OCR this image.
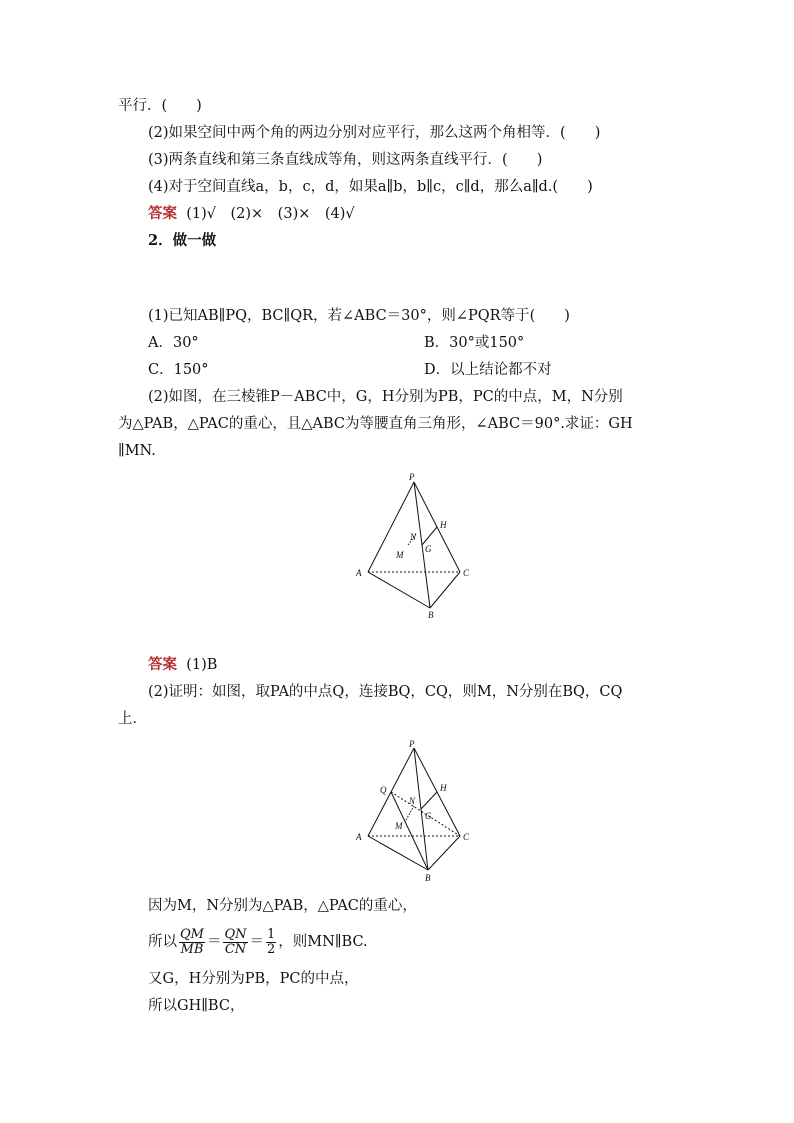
平行．(　　)
(2)如果空间中两个角的两边分别对应平行，那么这两个角相等．(　　)
(3)两条直线和第三条直线成等角，则这两条直线平行．(　　)
(4)对于空间直线a，b，c，d，如果a∥b，b∥c，c∥d，那么a∥d.(　　)
答案 (1)√　(2)×　(3)×　(4)√
2．做一做
(1)已知AB∥PQ，BC∥QR，若∠ABC＝30°，则∠PQR等于(　　)
A．30°	B．30°或150°
C．150°	D．以上结论都不对
(2)如图，在三棱锥P－ABC中，G，H分别为PB，PC的中点，M，N分别
为△PAB，△PAC的重心，且△ABC为等腰直角三角形，∠ABC＝90°.求证：GH
∥MN.
P
H
N
G
M
A	C
B
答案 (1)B
(2)证明：如图，取PA的中点Q，连接BQ，CQ，则M，N分别在BQ，CQ
上．
P
Q	H
N
G
M
A	C
B
因为M，N分别为△PAB，△PAC的重心，
所以 $\frac{QM}{MB} = \frac{QN}{CN} = \frac{1}{2}$ ，则MN∥BC.
又G，H分别为PB，PC的中点，
所以GH∥BC，
